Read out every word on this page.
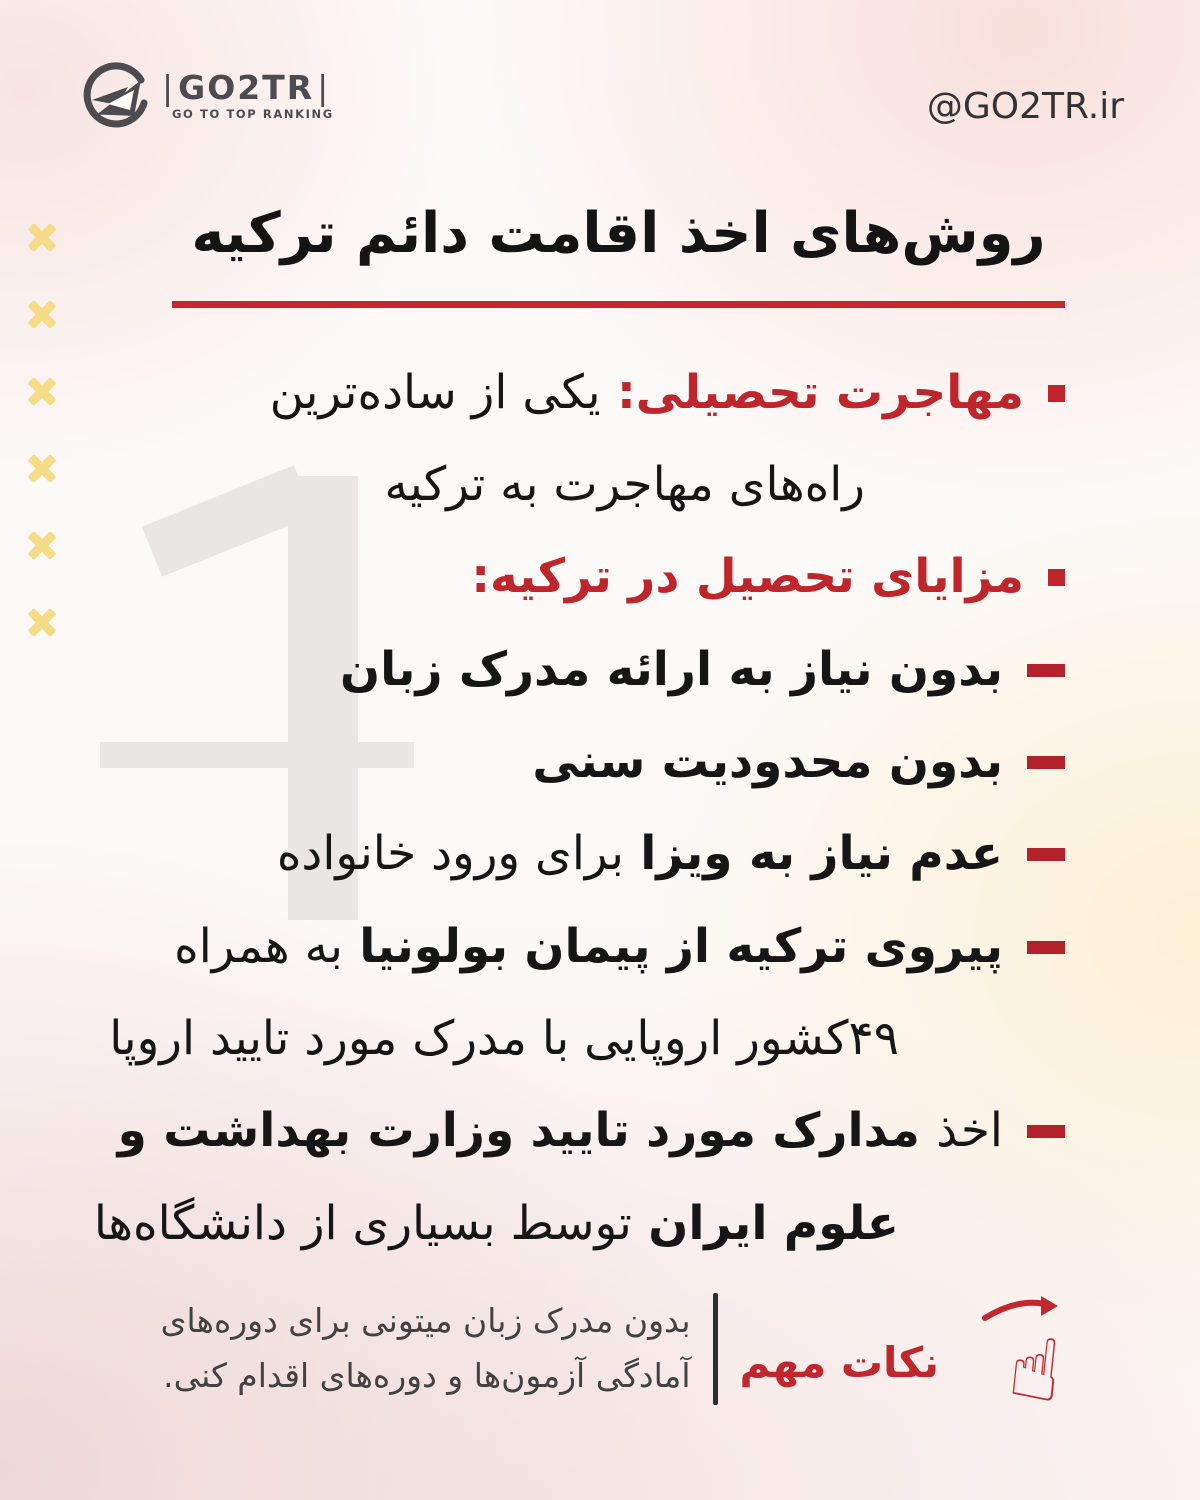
| GO2TR |
GO TO TOP RANKING	@GO2TR.ir
روش‌های اخذ اقامت دائم ترکیه
مهاجرت تحصیلی: یکی از ساده‌ترین
راه‌های مهاجرت به ترکیه
مزایای تحصیل در ترکیه:
بدون نیاز به ارائه مدرک زبان
بدون محدودیت سنی
عدم نیاز به ویزا برای ورود خانواده
پیروی ترکیه از پیمان بولونیا به همراه
۴۹کشور اروپایی با مدرک مورد تایید اروپا
اخذ مدارک مورد تایید وزارت بهداشت و
علوم ایران توسط بسیاری از دانشگاه‌ها
☝
نکات مهم
بدون مدرک زبان میتونی برای دوره‌های
آمادگی آزمون‌ها و دوره‌های اقدام کنی.
